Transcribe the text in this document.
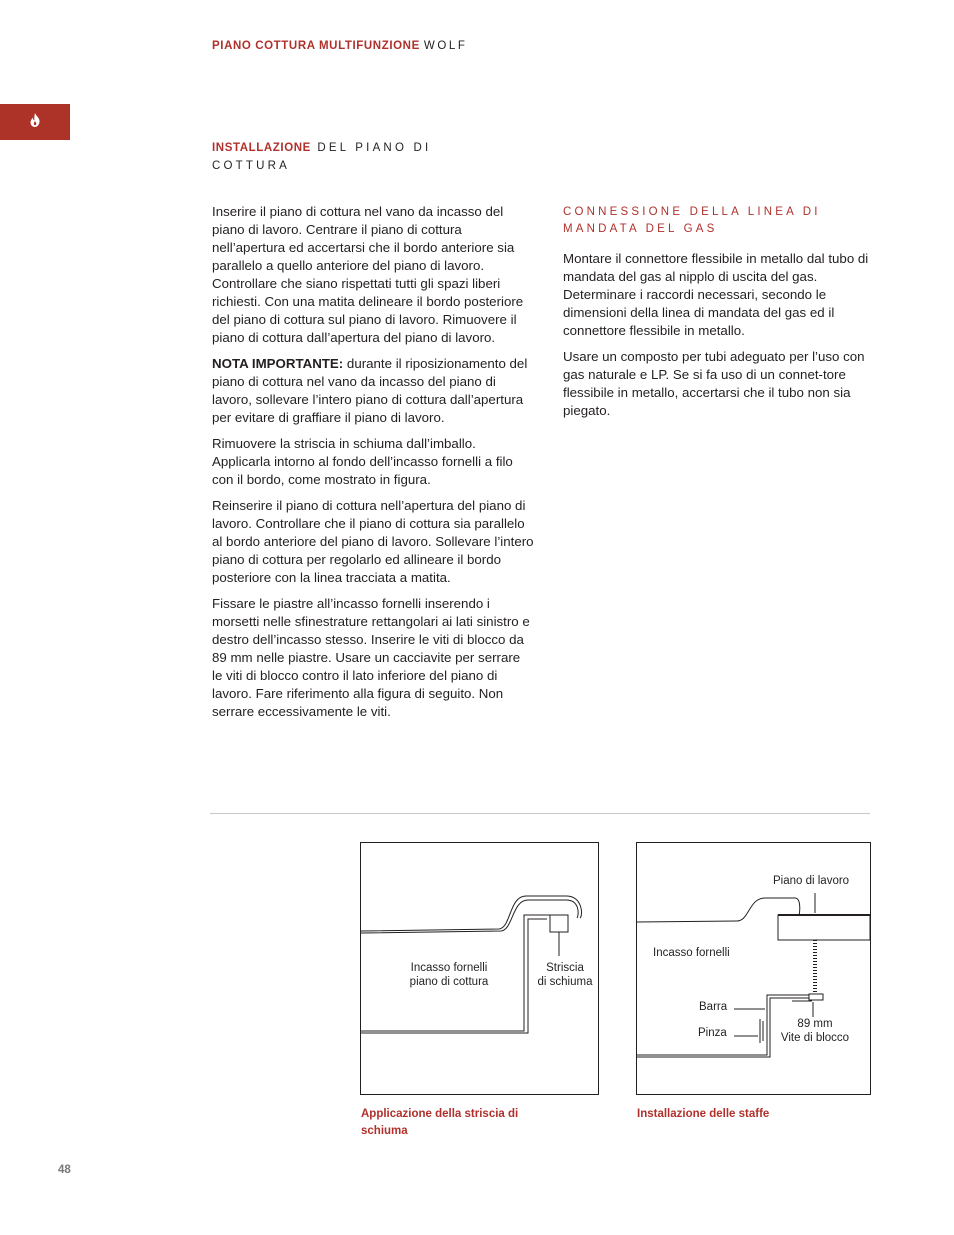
PIANO COTTURA MULTIFUNZIONE WOLF
INSTALLAZIONE DEL PIANO DI COTTURA

Inserire il piano di cottura nel vano da incasso del piano di lavoro. Centrare il piano di cottura nell’apertura ed accertarsi che il bordo anteriore sia parallelo a quello anteriore del piano di lavoro. Controllare che siano rispettati tutti gli spazi liberi richiesti. Con una matita delineare il bordo posteriore del piano di cottura sul piano di lavoro. Rimuovere il piano di cottura dall’apertura del piano di lavoro.

NOTA IMPORTANTE: durante il riposizionamento del piano di cottura nel vano da incasso del piano di lavoro, sollevare l’intero piano di cottura dall’apertura per evitare di graffiare il piano di lavoro.

Rimuovere la striscia in schiuma dall’imballo. Applicarla intorno al fondo dell’incasso fornelli a filo con il bordo, come mostrato in figura.

Reinserire il piano di cottura nell’apertura del piano di lavoro. Controllare che il piano di cottura sia parallelo al bordo anteriore del piano di lavoro. Sollevare l’intero piano di cottura per regolarlo ed allineare il bordo posteriore con la linea tracciata a matita.

Fissare le piastre all’incasso fornelli inserendo i morsetti nelle sfinestrature rettangolari ai lati sinistro e destro dell’incasso stesso. Inserire le viti di blocco da 89 mm nelle piastre. Usare un cacciavite per serrare le viti di blocco contro il lato inferiore del piano di lavoro. Fare riferimento alla figura di seguito. Non serrare eccessivamente le viti.

CONNESSIONE DELLA LINEA DI MANDATA DEL GAS

Montare il connettore flessibile in metallo dal tubo di mandata del gas al nipplo di uscita del gas. Determinare i raccordi necessari, secondo le dimensioni della linea di mandata del gas ed il connettore flessibile in metallo.

Usare un composto per tubi adeguato per l’uso con gas naturale e LP. Se si fa uso di un connet-tore flessibile in metallo, accertarsi che il tubo non sia piegato.

Incasso fornelli
piano di cottura
Striscia
di schiuma
Applicazione della striscia di schiuma
Piano di lavoro
Incasso fornelli
Barra
Pinza
89 mm
Vite di blocco
Installazione delle staffe
48
